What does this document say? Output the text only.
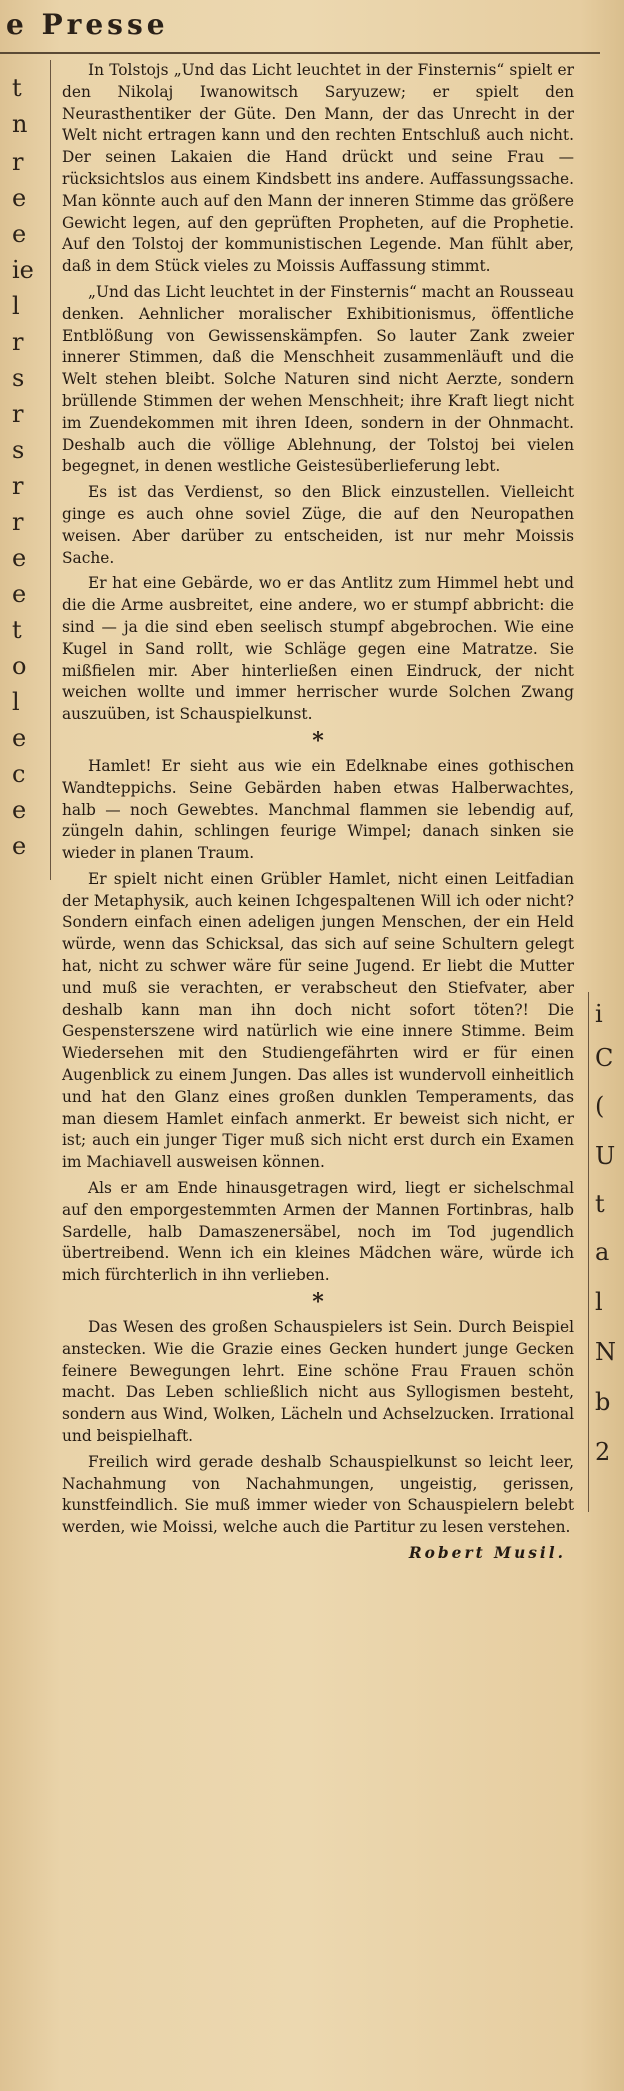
e Presse
t
n
r
e
e
ie
l
r
s
r
s
r
r
e
e
t
o
l
e
c
e
e
i
C
(
U
t
a
l
N
b
2

In Tolstojs „Und das Licht leuchtet in der Finsternis“ spielt er den Nikolaj Iwanowitsch Saryuzew; er spielt den Neurasthentiker der Güte. Den Mann, der das Unrecht in der Welt nicht ertragen kann und den rechten Entschluß auch nicht. Der seinen Lakaien die Hand drückt und seine Frau — rücksichtslos aus einem Kindsbett ins andere. Auffassungssache. Man könnte auch auf den Mann der inneren Stimme das größere Gewicht legen, auf den geprüften Propheten, auf die Prophetie. Auf den Tolstoj der kommunistischen Legende. Man fühlt aber, daß in dem Stück vieles zu Moissis Auffassung stimmt.

„Und das Licht leuchtet in der Finsternis“ macht an Rousseau denken. Aehnlicher moralischer Exhibitionismus, öffentliche Entblößung von Gewissenskämpfen. So lauter Zank zweier innerer Stimmen, daß die Menschheit zusammenläuft und die Welt stehen bleibt. Solche Naturen sind nicht Aerzte, sondern brüllende Stimmen der wehen Menschheit; ihre Kraft liegt nicht im Zuendekommen mit ihren Ideen, sondern in der Ohnmacht. Deshalb auch die völlige Ablehnung, der Tolstoj bei vielen begegnet, in denen westliche Geistesüberlieferung lebt.

Es ist das Verdienst, so den Blick einzustellen. Vielleicht ginge es auch ohne soviel Züge, die auf den Neuropathen weisen. Aber darüber zu entscheiden, ist nur mehr Moissis Sache.

Er hat eine Gebärde, wo er das Antlitz zum Himmel hebt und die die Arme ausbreitet, eine andere, wo er stumpf abbricht: die sind — ja die sind eben seelisch stumpf abgebrochen. Wie eine Kugel in Sand rollt, wie Schläge gegen eine Matratze. Sie mißfielen mir. Aber hinterließen einen Eindruck, der nicht weichen wollte und immer herrischer wurde Solchen Zwang auszuüben, ist Schauspielkunst.

*

Hamlet! Er sieht aus wie ein Edelknabe eines gothischen Wandteppichs. Seine Gebärden haben etwas Halberwachtes, halb — noch Gewebtes. Manchmal flammen sie lebendig auf, züngeln dahin, schlingen feurige Wimpel; danach sinken sie wieder in planen Traum.

Er spielt nicht einen Grübler Hamlet, nicht einen Leitfadian der Metaphysik, auch keinen Ichgespaltenen Will ich oder nicht? Sondern einfach einen adeligen jungen Menschen, der ein Held würde, wenn das Schicksal, das sich auf seine Schultern gelegt hat, nicht zu schwer wäre für seine Jugend. Er liebt die Mutter und muß sie verachten, er verabscheut den Stiefvater, aber deshalb kann man ihn doch nicht sofort töten?! Die Gespensterszene wird natürlich wie eine innere Stimme. Beim Wiedersehen mit den Studiengefährten wird er für einen Augenblick zu einem Jungen. Das alles ist wundervoll einheitlich und hat den Glanz eines großen dunklen Temperaments, das man diesem Hamlet einfach anmerkt. Er beweist sich nicht, er ist; auch ein junger Tiger muß sich nicht erst durch ein Examen im Machiavell ausweisen können.

Als er am Ende hinausgetragen wird, liegt er sichelschmal auf den emporgestemmten Armen der Mannen Fortinbras, halb Sardelle, halb Damaszenersäbel, noch im Tod jugendlich übertreibend. Wenn ich ein kleines Mädchen wäre, würde ich mich fürchterlich in ihn verlieben.

*

Das Wesen des großen Schauspielers ist Sein. Durch Beispiel anstecken. Wie die Grazie eines Gecken hundert junge Gecken feinere Bewegungen lehrt. Eine schöne Frau Frauen schön macht. Das Leben schließlich nicht aus Syllogismen besteht, sondern aus Wind, Wolken, Lächeln und Achselzucken. Irrational und beispielhaft.

Freilich wird gerade deshalb Schauspielkunst so leicht leer, Nachahmung von Nachahmungen, ungeistig, gerissen, kunstfeindlich. Sie muß immer wieder von Schauspielern belebt werden, wie Moissi, welche auch die Partitur zu lesen verstehen.

Robert Musil.
